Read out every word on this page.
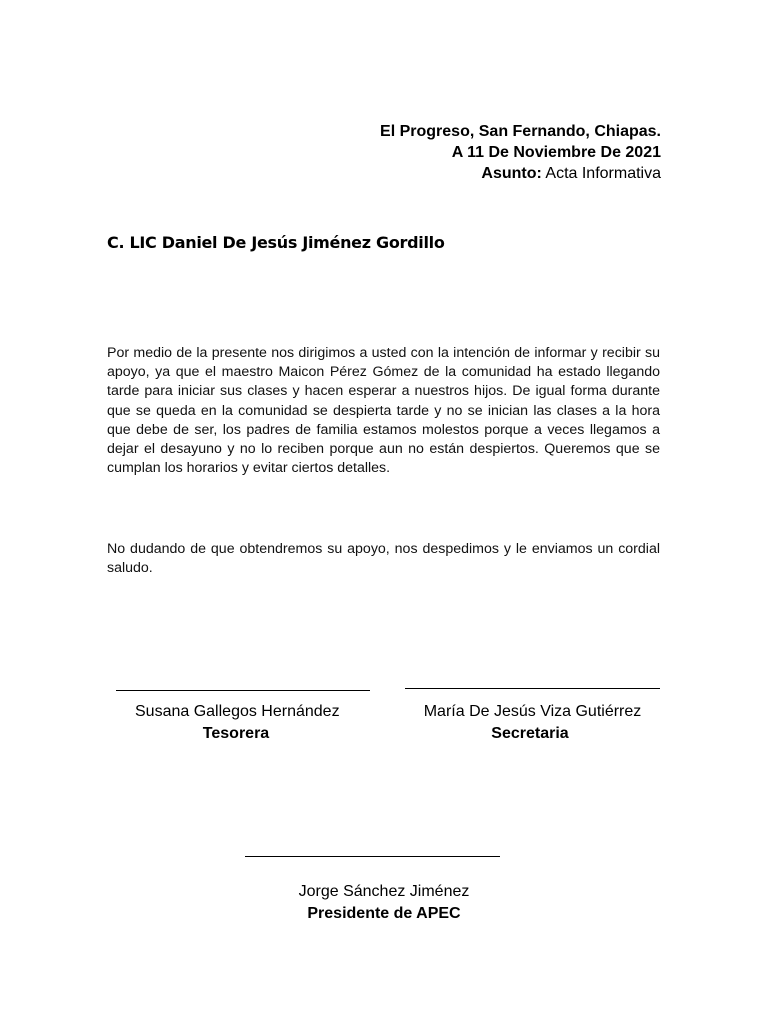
El Progreso, San Fernando, Chiapas.
A 11 De Noviembre De 2021
Asunto: Acta Informativa
C. LIC Daniel De Jesús Jiménez Gordillo
Por medio de la presente nos dirigimos a usted con la intención de informar y recibir su apoyo, ya que el maestro Maicon Pérez Gómez de la comunidad ha estado llegando tarde para iniciar sus clases y hacen esperar a nuestros hijos. De igual forma durante que se queda en la comunidad se despierta tarde y no se inician las clases a la hora que debe de ser, los padres de familia estamos molestos porque a veces llegamos a dejar el desayuno y no lo reciben porque aun no están despiertos. Queremos que se cumplan los horarios y evitar ciertos detalles.
No dudando de que obtendremos su apoyo, nos despedimos y le enviamos un cordial saludo.
Susana Gallegos Hernández
Tesorera
María De Jesús Viza Gutiérrez
Secretaria
Jorge Sánchez Jiménez
Presidente de APEC
